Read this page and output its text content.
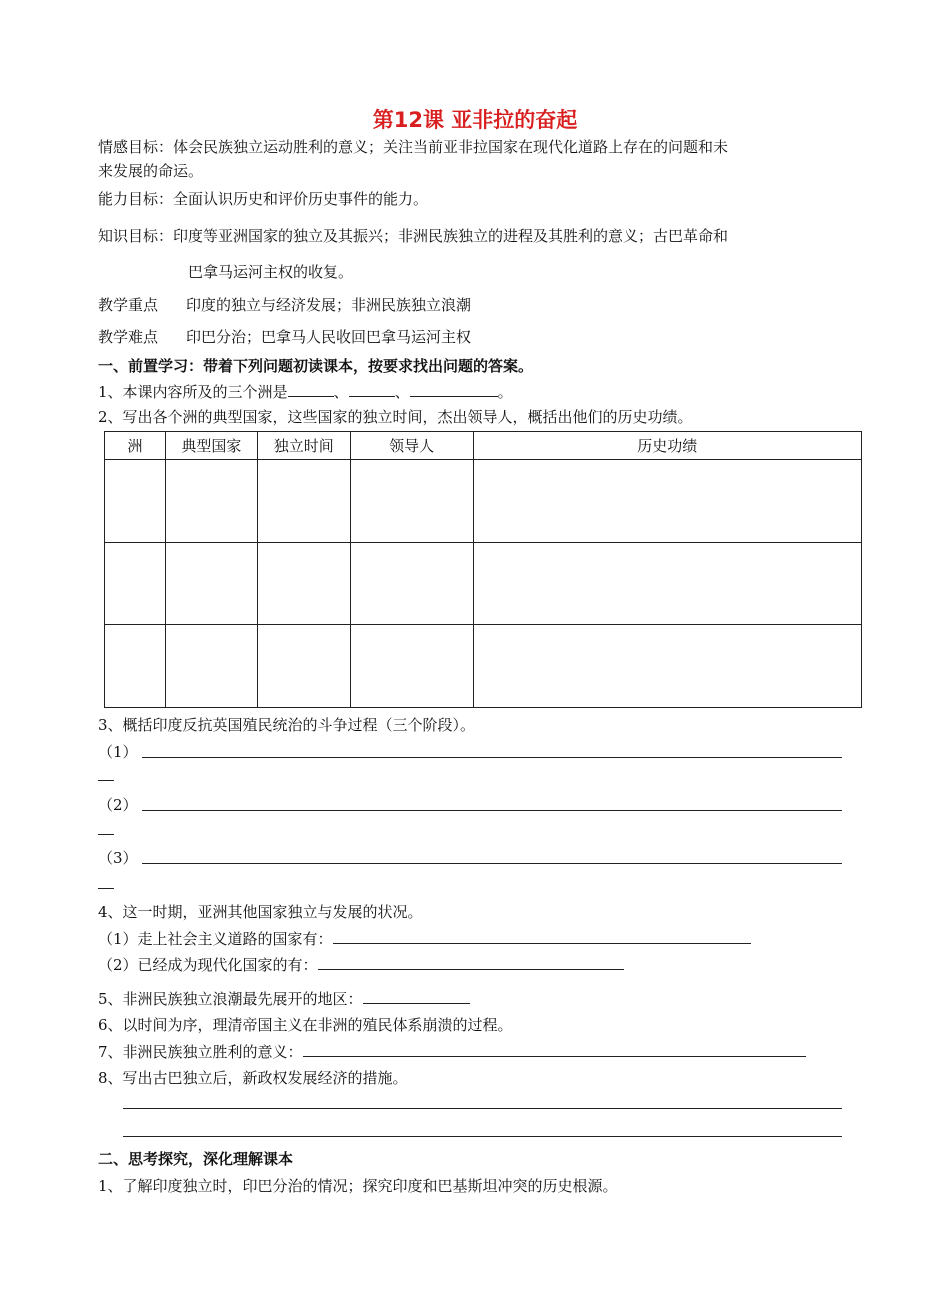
第12课 亚非拉的奋起
情感目标：体会民族独立运动胜利的意义；关注当前亚非拉国家在现代化道路上存在的问题和未
来发展的命运。
能力目标：全面认识历史和评价历史事件的能力。
知识目标：印度等亚洲国家的独立及其振兴；非洲民族独立的进程及其胜利的意义；古巴革命和
巴拿马运河主权的收复。
教学重点 印度的独立与经济发展；非洲民族独立浪潮
教学难点 印巴分治；巴拿马人民收回巴拿马运河主权
一、前置学习：带着下列问题初读课本，按要求找出问题的答案。
1、本课内容所及的三个洲是	、	、	。
2、写出各个洲的典型国家，这些国家的独立时间，杰出领导人，概括出他们的历史功绩。
洲	典型国家	独立时间	领导人	历史功绩

3、概括印度反抗英国殖民统治的斗争过程（三个阶段）。
（1）
（2）
（3）
4、这一时期，亚洲其他国家独立与发展的状况。
（1）走上社会主义道路的国家有：
（2）已经成为现代化国家的有：
5、非洲民族独立浪潮最先展开的地区：
6、以时间为序，理清帝国主义在非洲的殖民体系崩溃的过程。
7、非洲民族独立胜利的意义：
8、写出古巴独立后，新政权发展经济的措施。
二、思考探究，深化理解课本
1、了解印度独立时，印巴分治的情况；探究印度和巴基斯坦冲突的历史根源。
